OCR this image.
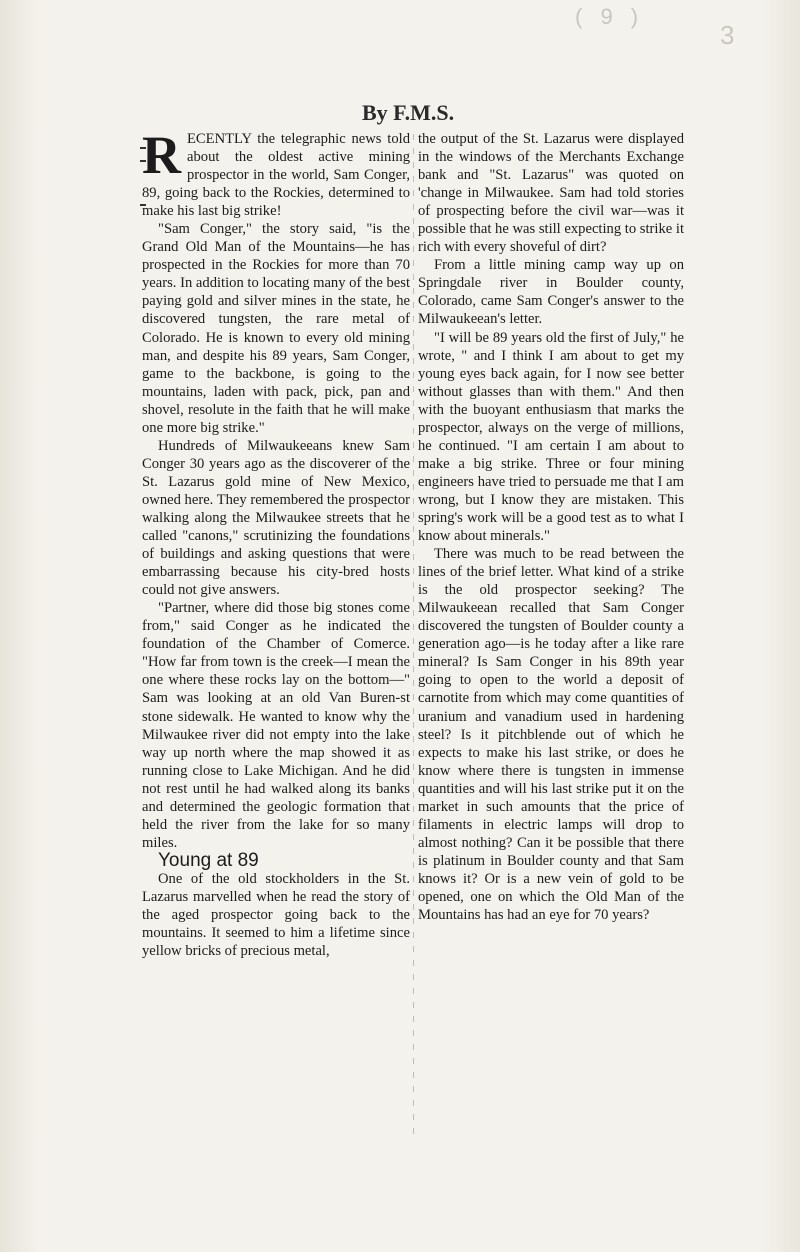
( 9 )
3
By F.M.S.

RECENTLY the telegraphic news told about the oldest active mining prospector in the world, Sam Conger, 89, going back to the Rockies, determined to make his last big strike!

"Sam Conger," the story said, "is the Grand Old Man of the Mountains—he has prospected in the Rockies for more than 70 years. In addition to locating many of the best paying gold and silver mines in the state, he discovered tungsten, the rare metal of Colorado. He is known to every old mining man, and despite his 89 years, Sam Conger, game to the backbone, is going to the mountains, laden with pack, pick, pan and shovel, resolute in the faith that he will make one more big strike."

Hundreds of Milwaukeeans knew Sam Conger 30 years ago as the discoverer of the St. Lazarus gold mine of New Mexico, owned here. They remembered the prospector walking along the Milwaukee streets that he called "canons," scrutinizing the foundations of buildings and asking questions that were embarrassing because his city-bred hosts could not give answers.

"Partner, where did those big stones come from," said Conger as he indicated the foundation of the Chamber of Comerce. "How far from town is the creek—I mean the one where these rocks lay on the bottom—" Sam was looking at an old Van Buren-st stone sidewalk. He wanted to know why the Milwaukee river did not empty into the lake way up north where the map showed it as running close to Lake Michigan. And he did not rest until he had walked along its banks and determined the geologic formation that held the river from the lake for so many miles.

Young at 89

One of the old stockholders in the St. Lazarus marvelled when he read the story of the aged prospector going back to the mountains. It seemed to him a lifetime since yellow bricks of precious metal,

the output of the St. Lazarus were displayed in the windows of the Merchants Exchange bank and "St. Lazarus" was quoted on 'change in Milwaukee. Sam had told stories of prospecting before the civil war—was it possible that he was still expecting to strike it rich with every shoveful of dirt?

From a little mining camp way up on Springdale river in Boulder county, Colorado, came Sam Conger's answer to the Milwaukeean's letter.

"I will be 89 years old the first of July," he wrote, " and I think I am about to get my young eyes back again, for I now see better without glasses than with them." And then with the buoyant enthusiasm that marks the prospector, always on the verge of millions, he continued. "I am certain I am about to make a big strike. Three or four mining engineers have tried to persuade me that I am wrong, but I know they are mistaken. This spring's work will be a good test as to what I know about minerals."

There was much to be read between the lines of the brief letter. What kind of a strike is the old prospector seeking? The Milwaukeean recalled that Sam Conger discovered the tungsten of Boulder county a generation ago—is he today after a like rare mineral? Is Sam Conger in his 89th year going to open to the world a deposit of carnotite from which may come quantities of uranium and vanadium used in hardening steel? Is it pitchblende out of which he expects to make his last strike, or does he know where there is tungsten in immense quantities and will his last strike put it on the market in such amounts that the price of filaments in electric lamps will drop to almost nothing? Can it be possible that there is platinum in Boulder county and that Sam knows it? Or is a new vein of gold to be opened, one on which the Old Man of the Mountains has had an eye for 70 years?
